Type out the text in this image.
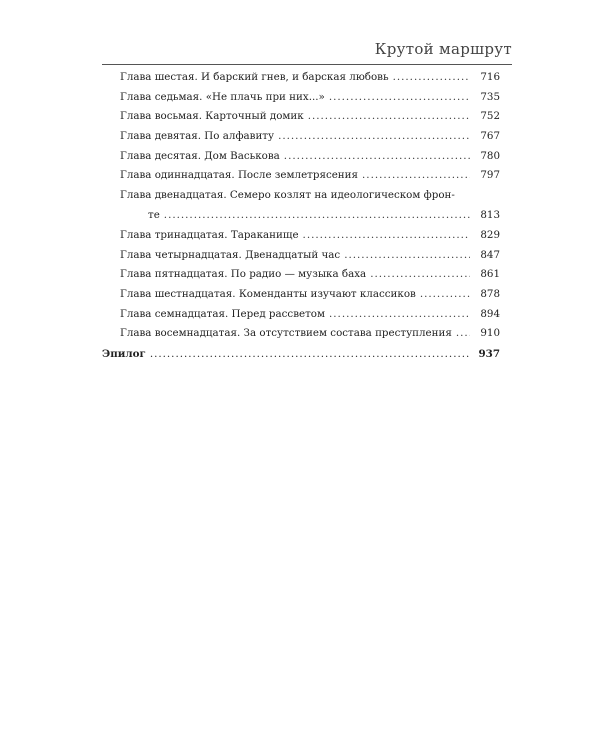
Крутой маршрут
Глава шестая. И барский гнев, и барская любовь .....	716
Глава седьмая. «Не плачь при них...» .....	735
Глава восьмая. Карточный домик .....	752
Глава девятая. По алфавиту .....	767
Глава десятая. Дом Васькова .....	780
Глава одиннадцатая. После землетрясения .....	797
Глава двенадцатая. Семеро козлят на идеологическом фрон-
те .....	813
Глава тринадцатая. Тараканище .....	829
Глава четырнадцатая. Двенадцатый час .....	847
Глава пятнадцатая. По радио — музыка баха .....	861
Глава шестнадцатая. Коменданты изучают классиков .....	878
Глава семнадцатая. Перед рассветом .....	894
Глава восемнадцатая. За отсутствием состава преступления .....	910
Эпилог .....	937
